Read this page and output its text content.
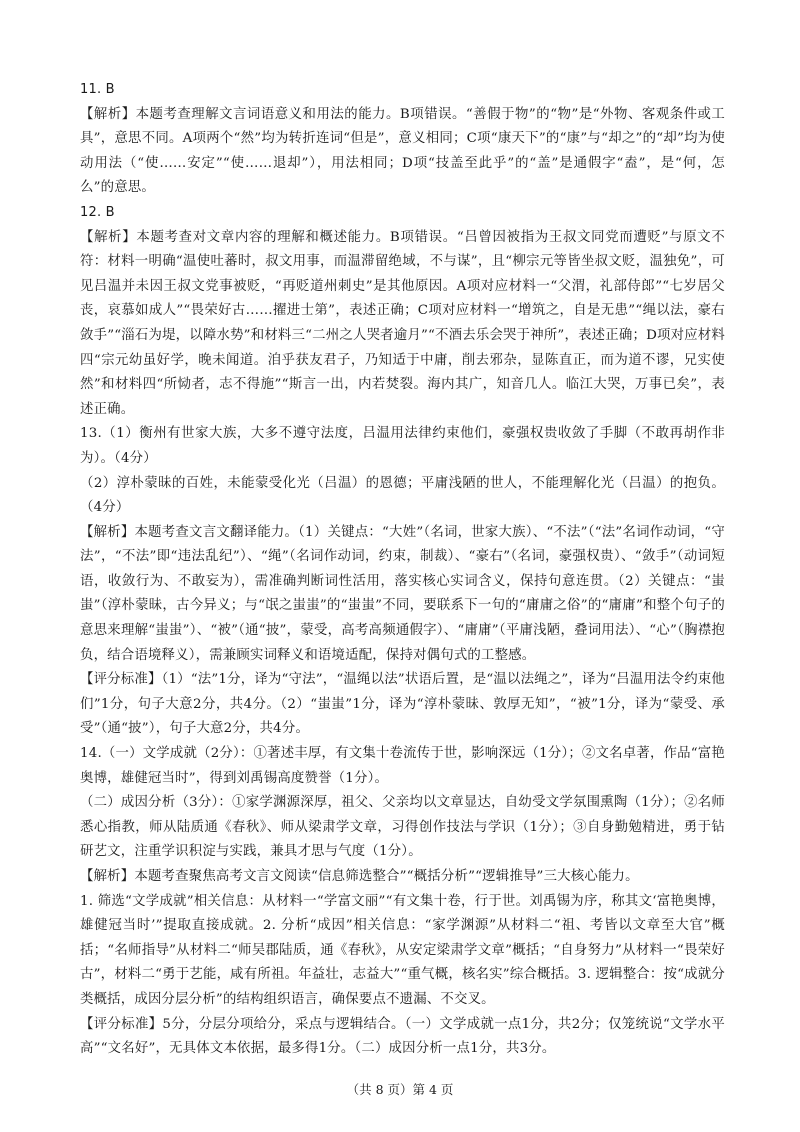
11. B

【解析】本题考查理解文言词语意义和用法的能力。B项错误。“善假于物”的“物”是“外物、客观条件或工具”，意思不同。A项两个“然”均为转折连词“但是”，意义相同；C项“康天下”的“康”与“却之”的“却”均为使动用法（“使……安定”“使……退却”），用法相同；D项“技盖至此乎”的“盖”是通假字“盍”，是“何，怎么”的意思。

12. B

【解析】本题考查对文章内容的理解和概述能力。B项错误。“吕曾因被指为王叔文同党而遭贬”与原文不符：材料一明确“温使吐蕃时，叔文用事，而温滞留绝域，不与谋”，且“柳宗元等皆坐叔文贬，温独免”，可见吕温并未因王叔文党事被贬，“再贬道州刺史”是其他原因。A项对应材料一“父渭，礼部侍郎”“七岁居父丧，哀慕如成人”“畏荣好古……擢进士第”，表述正确；C项对应材料一“增筑之，自是无患”“绳以法，豪右敛手”“淄石为堤，以障水势”和材料三“二州之人哭者逾月”“不酒去乐会哭于神所”，表述正确；D项对应材料四“宗元幼虽好学，晚未闻道。洎乎获友君子，乃知适于中庸，削去邪杂，显陈直正，而为道不谬，兄实使然”和材料四“所恸者，志不得施”“斯言一出，内若焚裂。海内其广，知音几人。临江大哭，万事已矣”，表述正确。

13.（1）衡州有世家大族，大多不遵守法度，吕温用法律约束他们，豪强权贵收敛了手脚（不敢再胡作非为）。（4分）

（2）淳朴蒙昧的百姓，未能蒙受化光（吕温）的恩德；平庸浅陋的世人，不能理解化光（吕温）的抱负。（4分）

【解析】本题考查文言文翻译能力。（1）关键点：“大姓”（名词，世家大族）、“不法”（“法”名词作动词，“守法”，“不法”即“违法乱纪”）、“绳”（名词作动词，约束，制裁）、“豪右”（名词，豪强权贵）、“敛手”（动词短语，收敛行为、不敢妄为），需准确判断词性活用，落实核心实词含义，保持句意连贯。（2）关键点：“蚩蚩”（淳朴蒙昧，古今异义；与“氓之蚩蚩”的“蚩蚩”不同，要联系下一句的“庸庸之俗”的“庸庸”和整个句子的意思来理解“蚩蚩”）、“被”（通“披”，蒙受，高考高频通假字）、“庸庸”（平庸浅陋，叠词用法）、“心”（胸襟抱负，结合语境释义），需兼顾实词释义和语境适配，保持对偶句式的工整感。

【评分标准】（1）“法”1分，译为“守法”，“温绳以法”状语后置，是“温以法绳之”，译为“吕温用法令约束他们”1分，句子大意2分，共4分。（2）“蚩蚩”1分，译为“淳朴蒙昧、敦厚无知”，“被”1分，译为“蒙受、承受”（通“披”），句子大意2分，共4分。

14.（一）文学成就（2分）：①著述丰厚，有文集十卷流传于世，影响深远（1分）；②文名卓著，作品“富艳奥博，雄健冠当时”，得到刘禹锡高度赞誉（1分）。

（二）成因分析（3分）：①家学渊源深厚，祖父、父亲均以文章显达，自幼受文学氛围熏陶（1分）；②名师悉心指教，师从陆质通《春秋》、师从梁肃学文章，习得创作技法与学识（1分）；③自身勤勉精进，勇于钻研艺文，注重学识积淀与实践，兼具才思与气度（1分）。

【解析】本题考查聚焦高考文言文阅读“信息筛选整合”“概括分析”“逻辑推导”三大核心能力。

1. 筛选“文学成就”相关信息：从材料一“学富文丽”“有文集十卷，行于世。刘禹锡为序，称其文‘富艳奥博，雄健冠当时’”提取直接成就。2. 分析“成因”相关信息：“家学渊源”从材料二“祖、考皆以文章至大官”概括；“名师指导”从材料二“师吴郡陆质，通《春秋》，从安定梁肃学文章”概括；“自身努力”从材料一“畏荣好古”，材料二“勇于艺能，咸有所祖。年益壮，志益大”“重气概，核名实”综合概括。3. 逻辑整合：按“成就分类概括，成因分层分析”的结构组织语言，确保要点不遗漏、不交叉。

【评分标准】5分，分层分项给分，采点与逻辑结合。（一）文学成就一点1分，共2分；仅笼统说“文学水平高”“文名好”，无具体文本依据，最多得1分。（二）成因分析一点1分，共3分。

（共 8 页）第 4 页
